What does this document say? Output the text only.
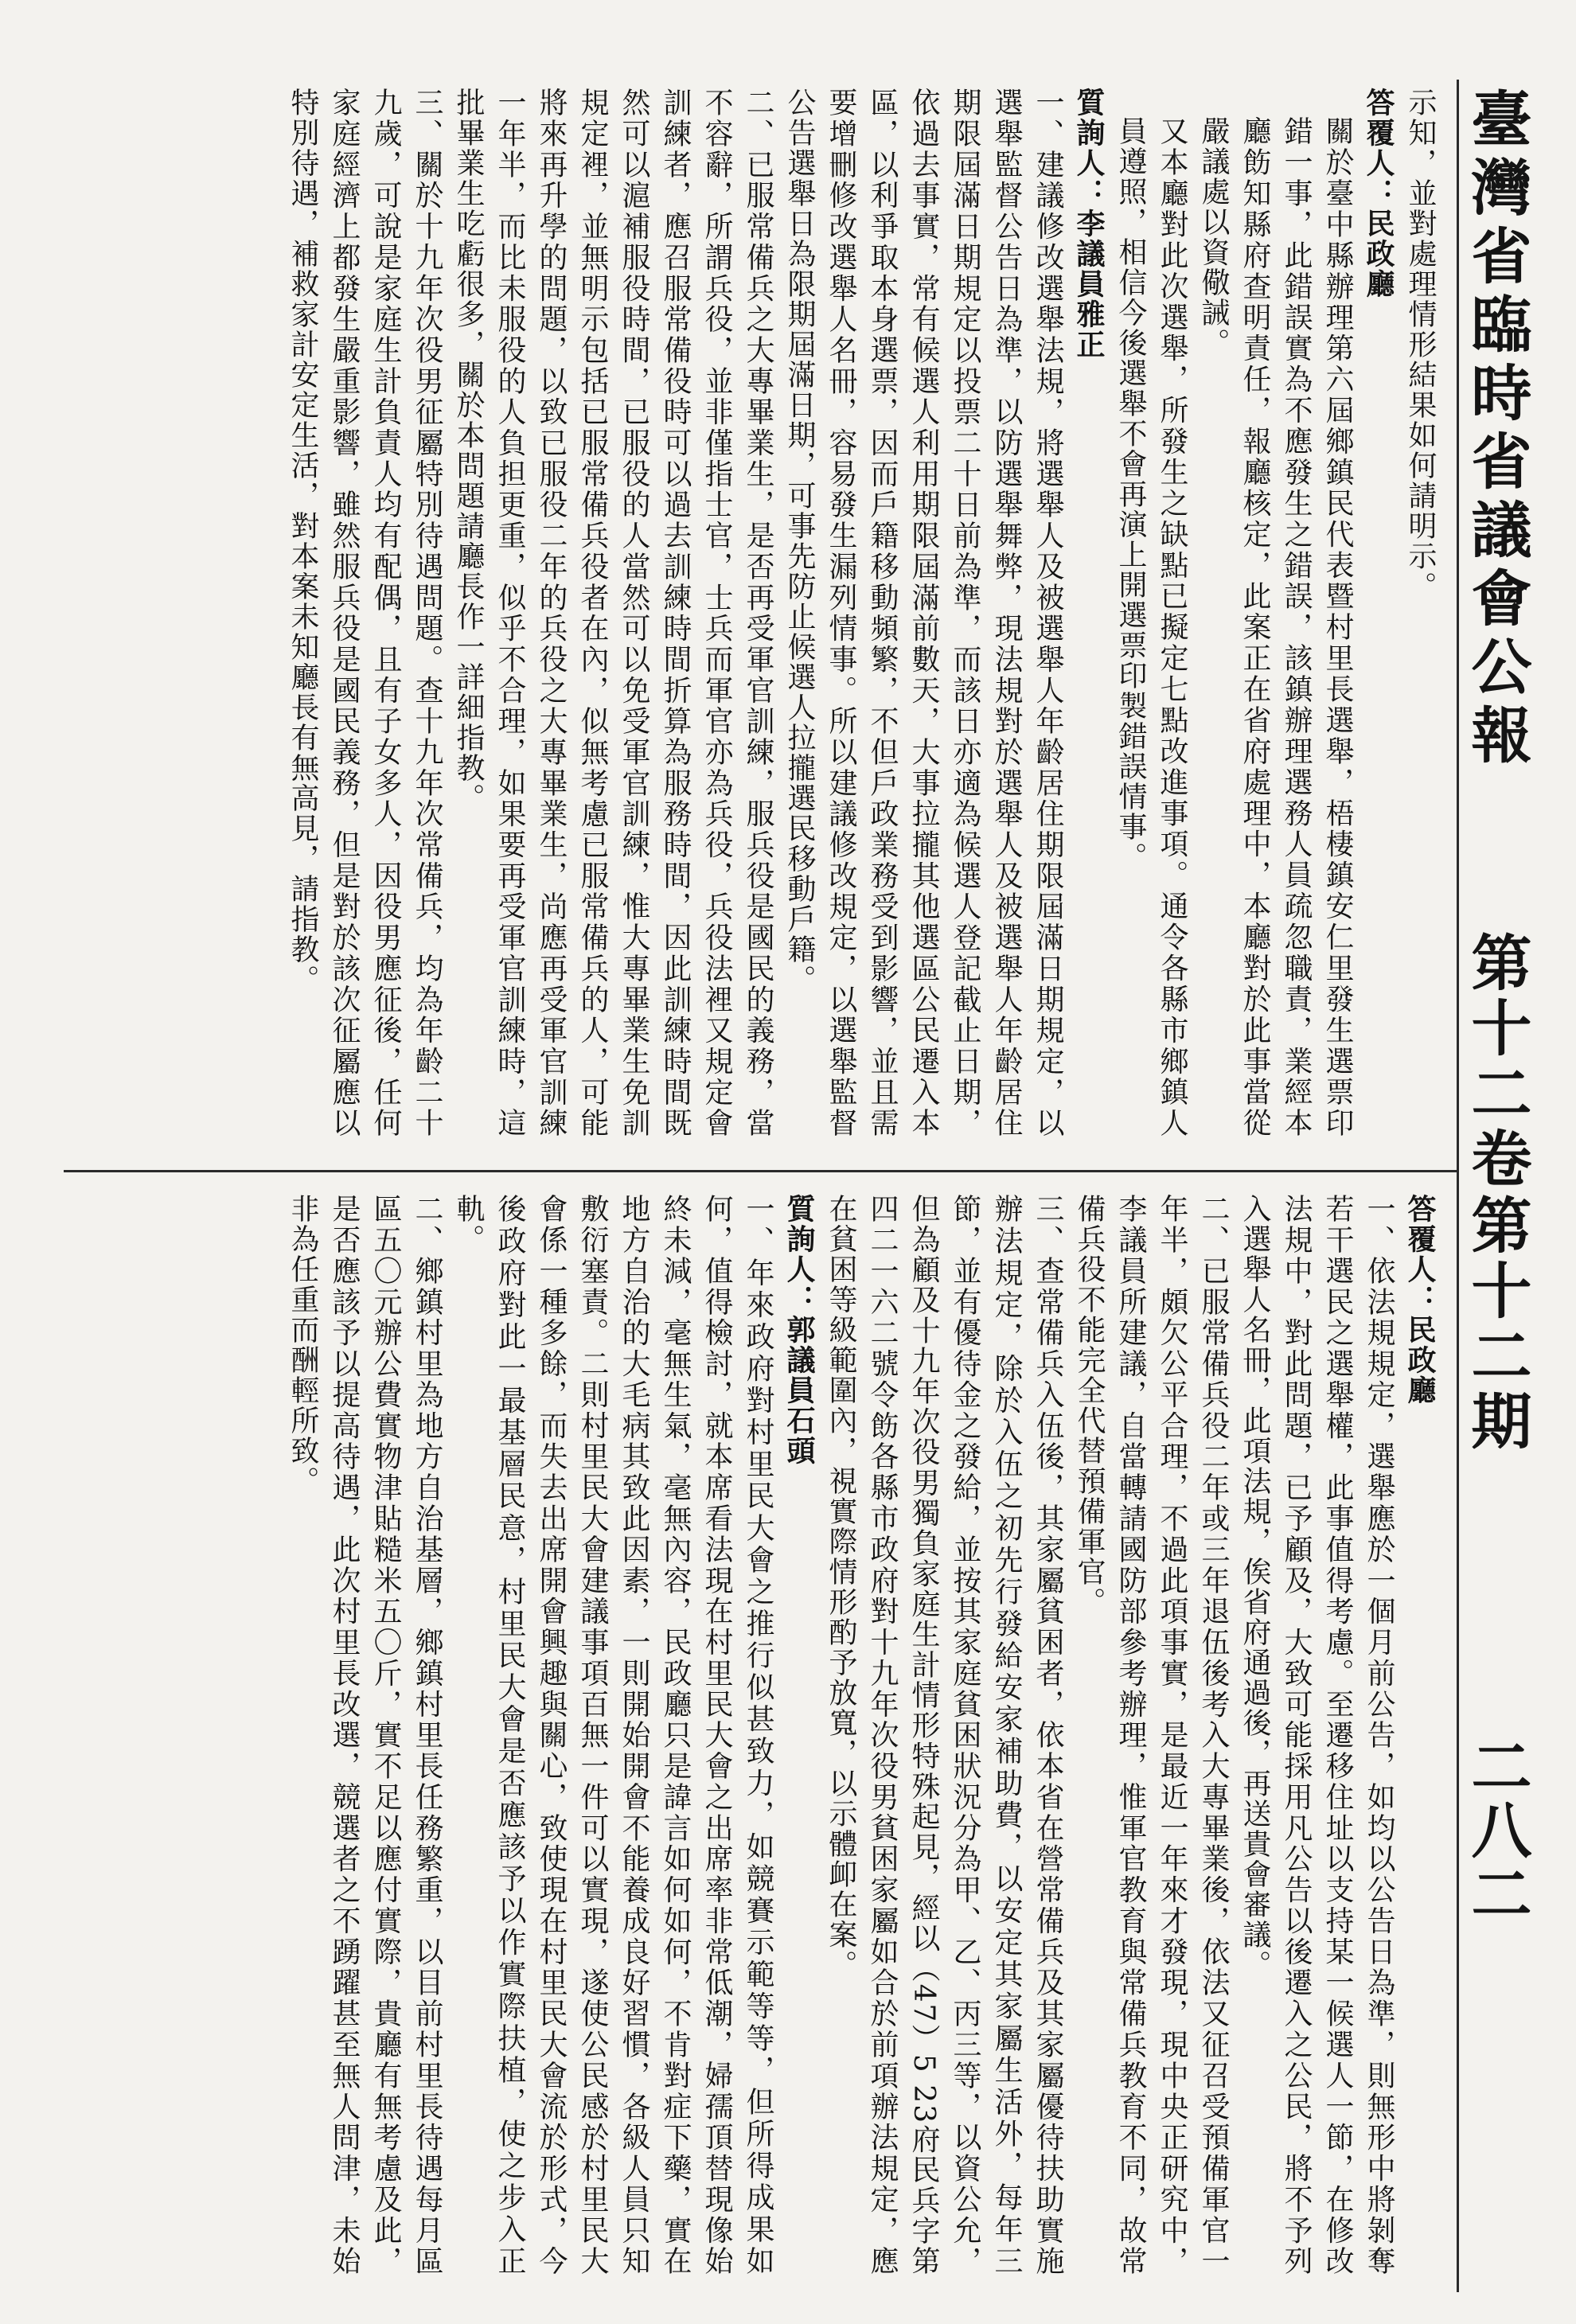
臺灣省臨時省議會公報
第十二卷
第十二期
二八二

示知，並對處理情形結果如何請明示。

答覆人：民政廳

關於臺中縣辦理第六屆鄉鎮民代表暨村里長選舉，梧棲鎮安仁里發生選票印錯一事，此錯誤實為不應發生之錯誤，該鎮辦理選務人員疏忽職責，業經本廳飭知縣府查明責任，報廳核定，此案正在省府處理中，本廳對於此事當從嚴議處以資儆誡。

又本廳對此次選舉，所發生之缺點已擬定七點改進事項。通令各縣市鄉鎮人員遵照，相信今後選舉不會再演上開選票印製錯誤情事。

質詢人：李議員雅正

一、建議修改選舉法規，將選舉人及被選舉人年齡居住期限屆滿日期規定，以選舉監督公告日為準，以防選舉舞弊，現法規對於選舉人及被選舉人年齡居住期限屆滿日期規定以投票二十日前為準，而該日亦適為候選人登記截止日期，依過去事實，常有候選人利用期限屆滿前數天，大事拉攏其他選區公民遷入本區，以利爭取本身選票，因而戶籍移動頻繁，不但戶政業務受到影響，並且需要增刪修改選舉人名冊，容易發生漏列情事。所以建議修改規定，以選舉監督公告選舉日為限期屆滿日期，可事先防止候選人拉攏選民移動戶籍。

二、已服常備兵之大專畢業生，是否再受軍官訓練，服兵役是國民的義務，當不容辭，所謂兵役，並非僅指士官，士兵而軍官亦為兵役，兵役法裡又規定會訓練者，應召服常備役時可以過去訓練時間折算為服務時間，因此訓練時間既然可以滬補服役時間，已服役的人當然可以免受軍官訓練，惟大專畢業生免訓規定裡，並無明示包括已服常備兵役者在內，似無考慮已服常備兵的人，可能將來再升學的問題，以致已服役二年的兵役之大專畢業生，尚應再受軍官訓練一年半，而比未服役的人負担更重，似乎不合理，如果要再受軍官訓練時，這批畢業生吃虧很多，關於本問題請廳長作一詳細指教。

三、關於十九年次役男征屬特別待遇問題。查十九年次常備兵，均為年齡二十九歲，可說是家庭生計負責人均有配偶，且有子女多人，因役男應征後，任何家庭經濟上都發生嚴重影響，雖然服兵役是國民義務，但是對於該次征屬應以特別待遇，補救家計安定生活，對本案未知廳長有無高見，請指教。

答覆人：民政廳

一、依法規規定，選舉應於一個月前公告，如均以公告日為準，則無形中將剝奪若干選民之選舉權，此事值得考慮。至遷移住址以支持某一候選人一節，在修改法規中，對此問題，已予顧及，大致可能採用凡公告以後遷入之公民，將不予列入選舉人名冊，此項法規，俟省府通過後，再送貴會審議。

二、已服常備兵役二年或三年退伍後考入大專畢業後，依法又征召受預備軍官一年半，頗欠公平合理，不過此項事實，是最近一年來才發現，現中央正研究中，李議員所建議，自當轉請國防部參考辦理，惟軍官教育與常備兵教育不同，故常備兵役不能完全代替預備軍官。

三、查常備兵入伍後，其家屬貧困者，依本省在營常備兵及其家屬優待扶助實施辦法規定，除於入伍之初先行發給安家補助費，以安定其家屬生活外，每年三節，並有優待金之發給，並按其家庭貧困狀況分為甲、乙、丙三等，以資公允，但為顧及十九年次役男獨負家庭生計情形特殊起見，經以（47）5 23府民兵字第四二一六二號令飭各縣市政府對十九年次役男貧困家屬如合於前項辦法規定，應在貧困等級範圍內，視實際情形酌予放寬，以示體卹在案。

質詢人：郭議員石頭

一、年來政府對村里民大會之推行似甚致力，如競賽示範等等，但所得成果如何，值得檢討，就本席看法現在村里民大會之出席率非常低潮，婦孺頂替現像始終未減，毫無生氣，毫無內容，民政廳只是諱言如何如何，不肯對症下藥，實在地方自治的大毛病其致此因素，一則開始開會不能養成良好習慣，各級人員只知敷衍塞責。二則村里民大會建議事項百無一件可以實現，遂使公民感於村里民大會係一種多餘，而失去出席開會興趣與關心，致使現在村里民大會流於形式，今後政府對此一最基層民意，村里民大會是否應該予以作實際扶植，使之步入正軌。

二、鄉鎮村里為地方自治基層，鄉鎮村里長任務繁重，以目前村里長待遇每月區區五〇元辦公費實物津貼糙米五〇斤，實不足以應付實際，貴廳有無考慮及此，是否應該予以提高待遇，此次村里長改選，競選者之不踴躍甚至無人問津，未始非為任重而酬輕所致。
